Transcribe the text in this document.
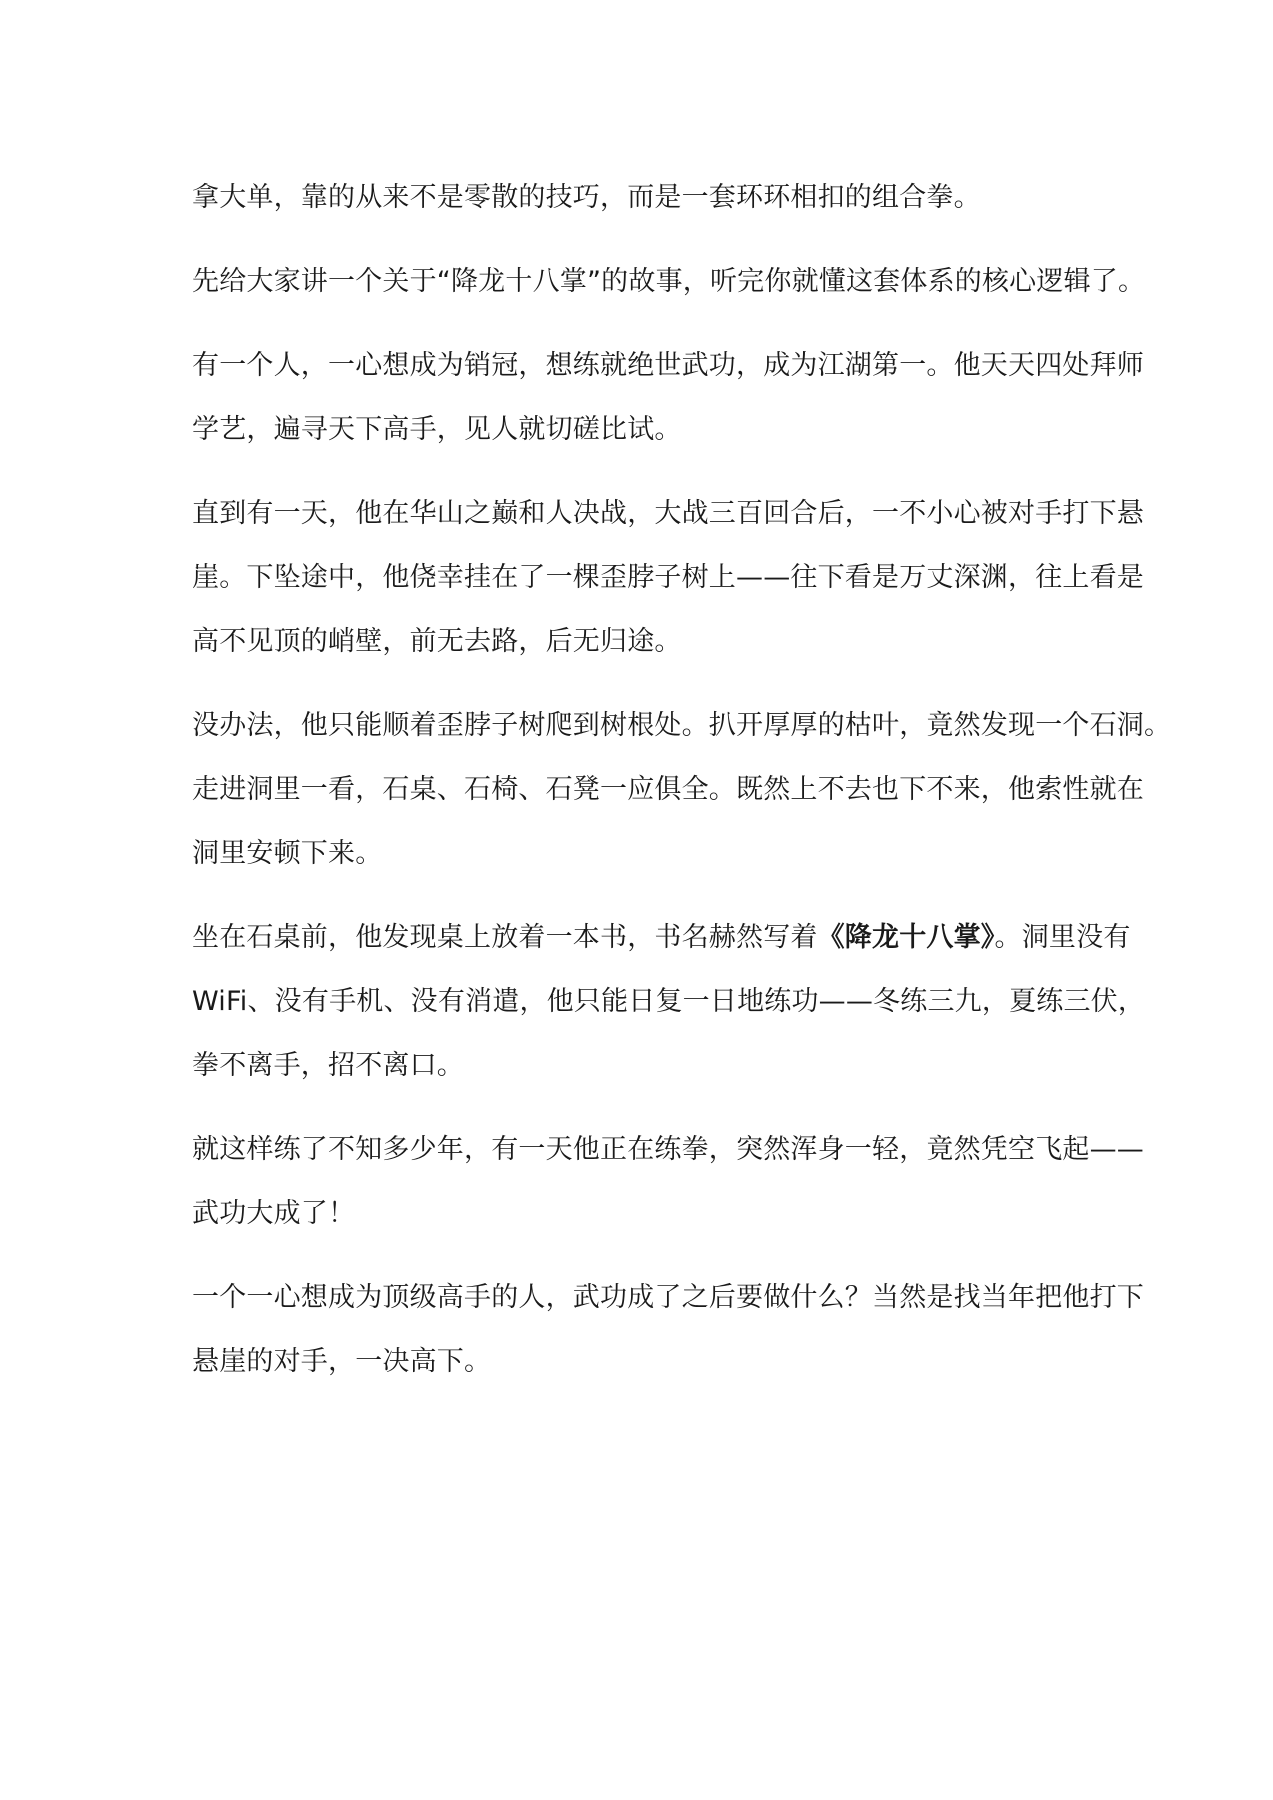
拿大单，靠的从来不是零散的技巧，而是一套环环相扣的组合拳。

先给大家讲一个关于“降龙十八掌”的故事，听完你就懂这套体系的核心逻辑了。

有一个人，一心想成为销冠，想练就绝世武功，成为江湖第一。他天天四处拜师
学艺，遍寻天下高手，见人就切磋比试。

直到有一天，他在华山之巅和人决战，大战三百回合后，一不小心被对手打下悬
崖。下坠途中，他侥幸挂在了一棵歪脖子树上——往下看是万丈深渊，往上看是
高不见顶的峭壁，前无去路，后无归途。

没办法，他只能顺着歪脖子树爬到树根处。扒开厚厚的枯叶，竟然发现一个石洞。
走进洞里一看，石桌、石椅、石凳一应俱全。既然上不去也下不来，他索性就在
洞里安顿下来。

坐在石桌前，他发现桌上放着一本书，书名赫然写着《降龙十八掌》。洞里没有
WiFi、没有手机、没有消遣，他只能日复一日地练功——冬练三九，夏练三伏，
拳不离手，招不离口。

就这样练了不知多少年，有一天他正在练拳，突然浑身一轻，竟然凭空飞起——
武功大成了！

一个一心想成为顶级高手的人，武功成了之后要做什么？当然是找当年把他打下
悬崖的对手，一决高下。
